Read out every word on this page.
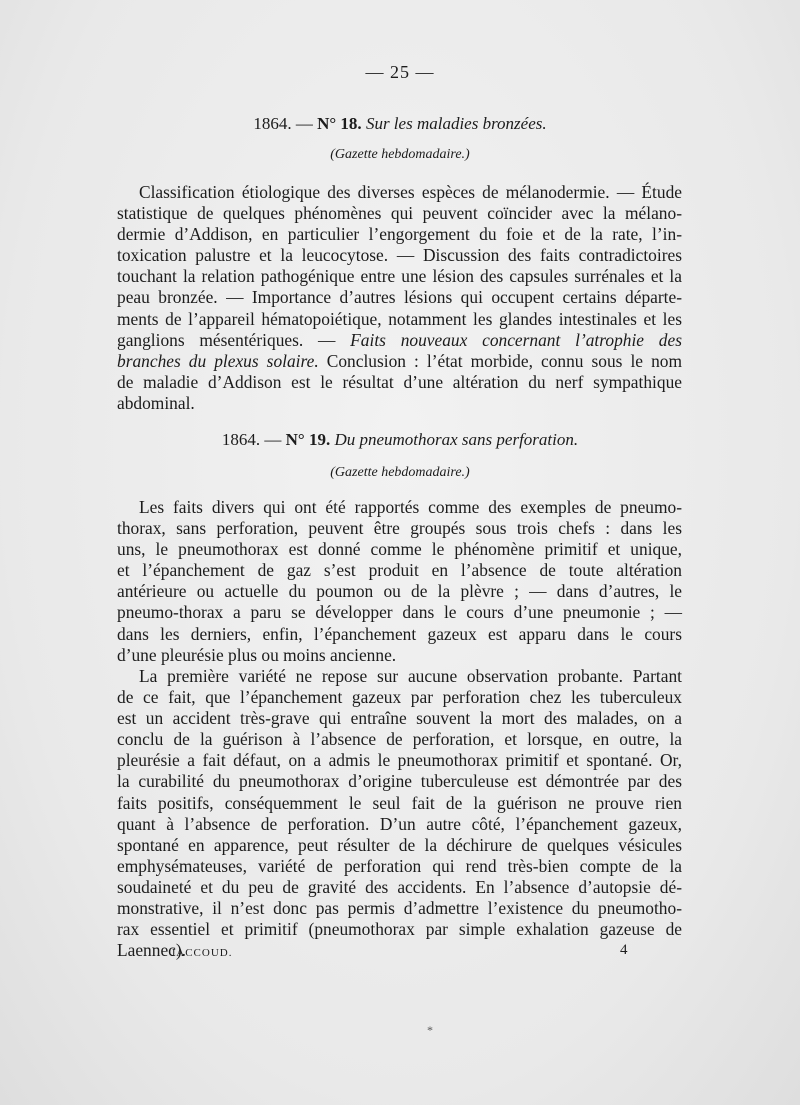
— 25 —
1864. — N° 18. Sur les maladies bronzées.
(Gazette hebdomadaire.)
Classification étiologique des diverses espèces de mélanodermie. — Étude
statistique de quelques phénomènes qui peuvent coïncider avec la mélano-
dermie d’Addison, en particulier l’engorgement du foie et de la rate, l’in-
toxication palustre et la leucocytose. — Discussion des faits contradictoires
touchant la relation pathogénique entre une lésion des capsules surrénales et la
peau bronzée. — Importance d’autres lésions qui occupent certains départe-
ments de l’appareil hématopoiétique, notamment les glandes intestinales et les
ganglions mésentériques. — Faits nouveaux concernant l’atrophie des
branches du plexus solaire. Conclusion : l’état morbide, connu sous le nom
de maladie d’Addison est le résultat d’une altération du nerf sympathique
abdominal.
1864. — N° 19. Du pneumothorax sans perforation.
(Gazette hebdomadaire.)
Les faits divers qui ont été rapportés comme des exemples de pneumo-
thorax, sans perforation, peuvent être groupés sous trois chefs : dans les
uns, le pneumothorax est donné comme le phénomène primitif et unique,
et l’épanchement de gaz s’est produit en l’absence de toute altération
antérieure ou actuelle du poumon ou de la plèvre ; — dans d’autres, le
pneumo-thorax a paru se développer dans le cours d’une pneumonie ; —
dans les derniers, enfin, l’épanchement gazeux est apparu dans le cours
d’une pleurésie plus ou moins ancienne.
La première variété ne repose sur aucune observation probante. Partant
de ce fait, que l’épanchement gazeux par perforation chez les tuberculeux
est un accident très-grave qui entraîne souvent la mort des malades, on a
conclu de la guérison à l’absence de perforation, et lorsque, en outre, la
pleurésie a fait défaut, on a admis le pneumothorax primitif et spontané. Or,
la curabilité du pneumothorax d’origine tuberculeuse est démontrée par des
faits positifs, conséquemment le seul fait de la guérison ne prouve rien
quant à l’absence de perforation. D’un autre côté, l’épanchement gazeux,
spontané en apparence, peut résulter de la déchirure de quelques vésicules
emphysémateuses, variété de perforation qui rend très-bien compte de la
soudaineté et du peu de gravité des accidents. En l’absence d’autopsie dé-
monstrative, il n’est donc pas permis d’admettre l’existence du pneumotho-
rax essentiel et primitif (pneumothorax par simple exhalation gazeuse de
Laennec).
JACCOUD.	4
*
